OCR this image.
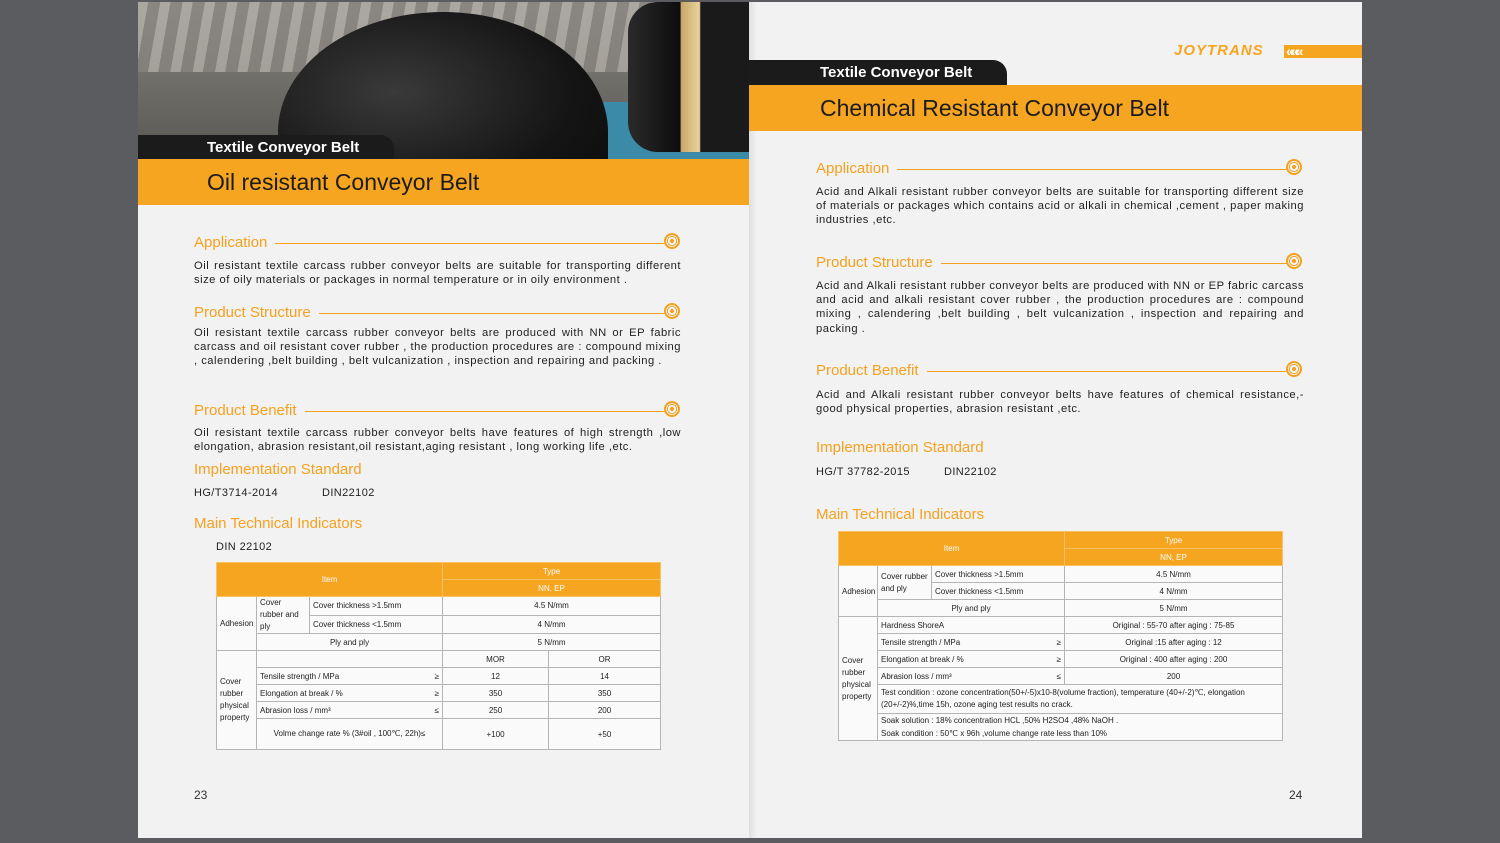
Textile Conveyor Belt
Oil resistant Conveyor Belt
Application
Oil resistant textile carcass rubber conveyor belts are suitable for transporting different size of oily materials or packages in normal temperature or in oily environment .
Product Structure
Oil resistant textile carcass rubber conveyor belts are produced with NN or EP fabric carcass and oil resistant cover rubber , the production procedures are : compound mixing , calendering ,belt building , belt vulcanization , inspection and repairing and packing .
Product Benefit
Oil resistant textile carcass rubber conveyor belts have features of high strength ,low elongation, abrasion resistant,oil resistant,aging resistant , long working life ,etc.
Implementation Standard
HG/T3714-2014	DIN22102
Main Technical Indicators
DIN 22102
Item			Type	
			NN, EP	
Adhesion	Cover rubber and ply	Cover thickness >1.5mm	4.5 N/mm	
		Cover thickness <1.5mm	4 N/mm	
	Ply and ply		5 N/mm	
Cover rubber physical property			MOR	OR
	Tensile strength / MPa ≥		12	14
	Elongation at break / % ≥		350	350
	Abrasion loss / mm³ ≤		250	200
	Volme change rate % (3#oil , 100℃, 22h)≤		+100	+50
23
JOYTRANS «««
Textile Conveyor Belt
Chemical Resistant Conveyor Belt
Application
Acid and Alkali resistant rubber conveyor belts are suitable for transporting different size of materials or packages which contains acid or alkali in chemical ,cement , paper making industries ,etc.
Product Structure
Acid and Alkali resistant rubber conveyor belts are produced with NN or EP fabric carcass and acid and alkali resistant cover rubber , the production procedures are : compound mixing , calendering ,belt building , belt vulcanization , inspection and repairing and packing .
Product Benefit
Acid and Alkali resistant rubber conveyor belts have features of chemical resistance,- good physical properties, abrasion resistant ,etc.
Implementation Standard
HG/T 37782-2015	DIN22102
Main Technical Indicators
Item			Type
			NN, EP
Adhesion	Cover rubber and ply	Cover thickness >1.5mm	4.5 N/mm
		Cover thickness <1.5mm	4 N/mm
	Ply and ply		5 N/mm
Cover rubber physical property	Hardness ShoreA		Original : 55-70 after aging : 75-85
	Tensile strength / MPa ≥		Original :15 after aging : 12
	Elongation at break / % ≥		Original : 400 after aging : 200
	Abrasion loss / mm³ ≤		200
	Test condition : ozone concentration(50+/-5)x10-8(volume fraction), temperature (40+/-2)℃, elongation (20+/-2)%,time 15h, ozone aging test results no crack.		
	Soak solution : 18% concentration HCL ,50% H2SO4 ,48% NaOH .		
	Soak condition : 50℃ x 96h ,volume change rate less than 10%		
24
